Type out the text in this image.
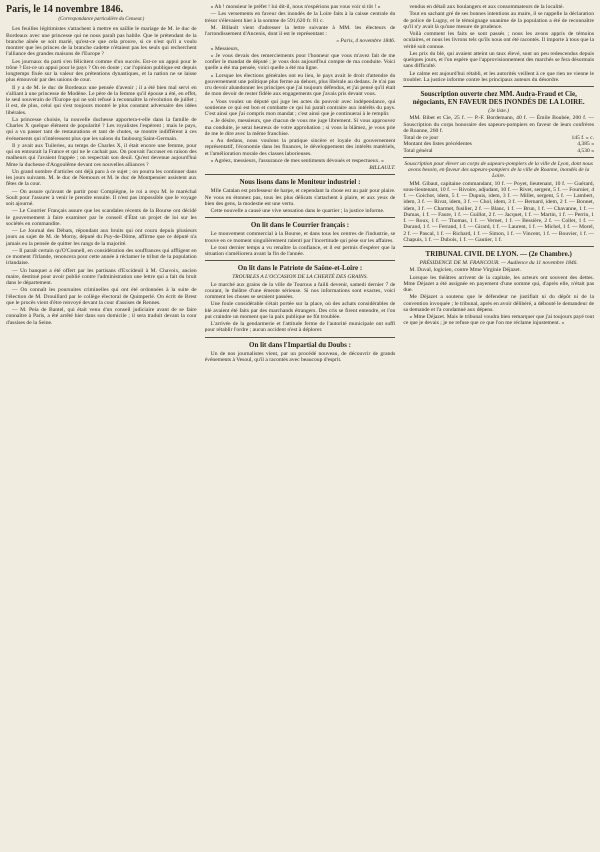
Paris, le 14 novembre 1846.

(Correspondance particulière du Censeur.)

Les feuilles légitimistes s'attachent à mettre en saillie le mariage de M. le duc de Bordeaux avec une princesse qui ne nous paraît pas habile. Que le prétendant de la branche aînée se soit marié, qu'est-ce que cela prouve, si ce n'est qu'il a voulu montrer que les princes de la branche cadette n'étaient pas les seuls qui recherchent l'alliance des grandes maisons de l'Europe ?

Les journaux du parti s'en félicitent comme d'un succès. Est-ce un appui pour le trône ? Est-ce un appui pour le pays ? On en doute ; car l'opinion publique est depuis longtemps fixée sur la valeur des prétentions dynastiques, et la nation ne se laisse plus émouvoir par des unions de cour.

Il y a de M. le duc de Bordeaux une pensée d'avenir ; il a été bien mal servi en s'alliant à une princesse de Modène. Le père de la femme qu'il épouse a été, en effet, le seul souverain de l'Europe qui ne soit refusé à reconnaître la révolution de juillet ; il est, de plus, celui qui s'est toujours montré le plus constant adversaire des idées libérales.

La princesse choisie, la nouvelle duchesse apportera-t-elle dans la famille de Charles X quelque élément de popularité ? Les royalistes l'espèrent ; mais le pays, qui a vu passer tant de restaurations et tant de chutes, se montre indifférent à ces événements qui n'intéressent plus que les salons du faubourg Saint-Germain.

Il y avait aux Tuileries, au temps de Charles X, il était encore une femme, pour qui on entourait la France et qui ne le cachait pas. On pouvait l'accuser en raison des malheurs qui l'avaient frappée ; on respectait son deuil. Qu'est devenue aujourd'hui Mme la duchesse d'Angoulême devant ces nouvelles alliances ?

Un grand nombre d'articles ont déjà paru à ce sujet ; on pourra les continuer dans les jours suivants. M. le duc de Nemours et M. le duc de Montpensier assistent aux fêtes de la cour.

— On assure qu'avant de partir pour Compiègne, le roi a reçu M. le maréchal Soult pour l'assurer à venir le prendre ensuite. Il n'est pas impossible que le voyage soit ajourné.

— Le Courrier Français assure que les scandales récents de la Bourse ont décidé le gouvernement à faire examiner par le conseil d'État un projet de loi sur les sociétés en commandite.

— Le Journal des Débats, répondant aux bruits qui ont couru depuis plusieurs jours au sujet de M. de Morny, député du Puy-de-Dôme, affirme que ce député n'a jamais eu la pensée de quitter les rangs de la majorité.

— Il paraît certain qu'O'Connell, en considération des souffrances qui affligent en ce moment l'Irlande, renoncera pour cette année à réclamer le tribut de la population irlandaise.

— Un banquet a été offert par les partisans d'Excideuil à M. Chavoix, ancien maire, destitué pour avoir publié contre l'administration une lettre qui a fait du bruit dans le département.

— On connaît les poursuites criminelles qui ont été ordonnées à la suite de l'élection de M. Drouillard par le collège électoral de Quimperlé. On écrit de Brest que le procès vient d'être renvoyé devant la cour d'assises de Rennes.

— M. Peia de Bantel, qui était venu d'un conseil judiciaire avant de se faire connaître à Paris, a été arrêté hier dans son domicile ; il sera traduit devant la cour d'assises de la Seine.

« Ah ! monsieur le préfet ! lui dit-il, nous n'espérions pas vous voir si tôt ! »

— Les versements en faveur des inondés de la Loire faits à la caisse centrale du trésor s'élevaient hier à la somme de 591,620 fr. 81 c.

M. Billault vient d'adresser la lettre suivante à MM. les électeurs de l'arrondissement d'Ancenis, dont il est le représentant :

« Paris, 4 novembre 1846.

« Messieurs,

« Je vous devais des remerciements pour l'honneur que vous m'avez fait de me confier le mandat de député ; je vous dois aujourd'hui compte de ma conduite. Voici quelle a été ma pensée, voici quelle a été ma ligne.

« Lorsque les élections générales ont eu lieu, le pays avait le droit d'attendre du gouvernement une politique plus ferme au dehors, plus libérale au dedans. Je n'ai pas cru devoir abandonner les principes que j'ai toujours défendus, et j'ai pensé qu'il était de mon devoir de rester fidèle aux engagements que j'avais pris devant vous.

« Vous voulez un député qui juge les actes du pouvoir avec indépendance, qui soutienne ce qui est bon et combatte ce qui lui paraît contraire aux intérêts du pays. C'est ainsi que j'ai compris mon mandat ; c'est ainsi que je continuerai à le remplir.

« Je désire, messieurs, que chacun de vous me juge librement. Si vous approuvez ma conduite, je serai heureux de votre approbation ; si vous la blâmez, je vous prie de me le dire avec la même franchise.

« Au dedans, nous voulons la pratique sincère et loyale du gouvernement représentatif, l'économie dans les finances, le développement des intérêts matériels, et l'amélioration morale des classes laborieuses.

« Agréez, messieurs, l'assurance de mes sentiments dévoués et respectueux. »

BILLAULT.

Nous lisons dans le Moniteur industriel :

Mlle Catalan est professeur de harpe, et cependant la chose est au pair pour plaire. Ne vous en étonnez pas, tous les plus délicats s'attachent à plaire, et aux yeux de bien des gens, la modestie est une vertu.

Cette nouvelle a causé une vive sensation dans le quartier ; la justice informe.

On lit dans le Courrier français :

Le mouvement commercial à la Bourse, et dans tous les centres de l'industrie, se trouve en ce moment singulièrement ralenti par l'incertitude qui pèse sur les affaires.

Le tout dernier temps a vu renaître la confiance, et il est permis d'espérer que la situation s'améliorera avant la fin de l'année.

On lit dans le Patriote de Saône-et-Loire :

TROUBLES A L'OCCASION DE LA CHERTÉ DES GRAINS.

Le marché aux grains de la ville de Tournus a failli devenir, samedi dernier 7 de courant, le théâtre d'une émeute sérieuse. Si nos informations sont exactes, voici comment les choses se seraient passées.

Une foule considérable s'était portée sur la place, où des achats considérables de blé avaient été faits par des marchands étrangers. Des cris se firent entendre, et l'on put craindre un moment que la paix publique ne fût troublée.

L'arrivée de la gendarmerie et l'attitude ferme de l'autorité municipale ont suffi pour rétablir l'ordre ; aucun accident n'est à déplorer.

On lit dans l'Impartial du Doubs :

Un de nos journalistes vient, par un procédé nouveau, de découvrir de grands événements à Vesoul, qu'il a racontés avec beaucoup d'esprit.

vendus en détail aux boulangers et aux consommateurs de la localité.

Tout en sachant gré de ses bonnes intentions au maire, il se rappelle la déclaration de police de Lugny, et le témoignage unanime de la population a été de reconnaître qu'il n'y avait là qu'une mesure de prudence.

Voilà comment les faits se sont passés ; nous les avons appris de témoins oculaires, et nous les livrons tels qu'ils nous ont été racontés. Il importe à tous que la vérité soit connue.

Les prix du blé, qui avaient atteint un taux élevé, sont un peu redescendus depuis quelques jours, et l'on espère que l'approvisionnement des marchés se fera désormais sans difficulté.

Le calme est aujourd'hui rétabli, et les autorités veillent à ce que rien ne vienne le troubler. La justice informe contre les principaux auteurs du désordre.

Souscription ouverte chez MM. Audra-Fraud et Cie, négociants, EN FAVEUR DES INONDÉS DE LA LOIRE.

(3e liste.)

MM. Bibet et Cie, 25 f. — P.-F. Bordemann, 40 f. — Émile Boubée, 200 f. — Souscription du corps honoraire des sapeurs-pompiers en faveur de leurs confrères de Roanne, 260 f.

Total de ce jour	145 f. » c.
Montant des listes précédentes	4,385 »
Total général	4,530 »

Souscription pour élever un corps de sapeurs-pompiers de la ville de Lyon, dont nous avons besoin, en faveur des sapeurs-pompiers de la ville de Roanne, inondés de la Loire.

MM. Gibaut, capitaine commandant, 10 f. — Poyet, lieutenant, 10 f. — Guérard, sous-lieutenant, 10 f. — Rivoire, adjudant, 10 f. — Rivet, sergent, 5 f. — Fournier, 4 f. — Goichot, idem, 5 f. — Dupuis, idem, 3 f. — Millet, sergent, 5 f. — Lambert, idem, 3 f. — Rivat, idem, 3 f. — Chol, idem, 3 f. — Bernard, idem, 2 f. — Bonnet, idem, 3 f. — Charmet, fusilier, 2 f. — Blanc, 1 f. — Brun, 1 f. — Chavanne, 1 f. — Dumas, 1 f. — Faure, 1 f. — Guillot, 2 f. — Jacquet, 1 f. — Martin, 1 f. — Perrin, 1 f. — Roux, 1 f. — Thomas, 1 f. — Vernet, 1 f. — Bessière, 2 f. — Collet, 1 f. — Durand, 1 f. — Ferrand, 1 f. — Girard, 1 f. — Laurent, 1 f. — Michel, 1 f. — Morel, 2 f. — Pascal, 1 f. — Richard, 1 f. — Simon, 1 f. — Vincent, 1 f. — Bouvier, 1 f. — Chapuis, 1 f. — Dubois, 1 f. — Gautier, 1 f.

TRIBUNAL CIVIL DE LYON. — (2e Chambre.)

PRÉSIDENCE DE M. FRANCOUR. — Audience du 11 novembre 1846.

M. Duval, logicien, contre Mme Virginie Déjazet.

Lorsque les théâtres arrivent de la capitale, les acteurs ont souvent des dettes. Mme Déjazet a été assignée en payement d'une somme qui, d'après elle, n'était pas due.

Me Déjazet a soutenu que le défendeur ne justifiait ni du dépôt ni de la convention invoquée ; le tribunal, après en avoir délibéré, a débouté le demandeur de sa demande et l'a condamné aux dépens.

« Mme Déjazet. Mais le tribunal voudra bien remarquer que j'ai toujours payé tout ce que je devais ; je ne refuse que ce que l'on me réclame injustement. »
